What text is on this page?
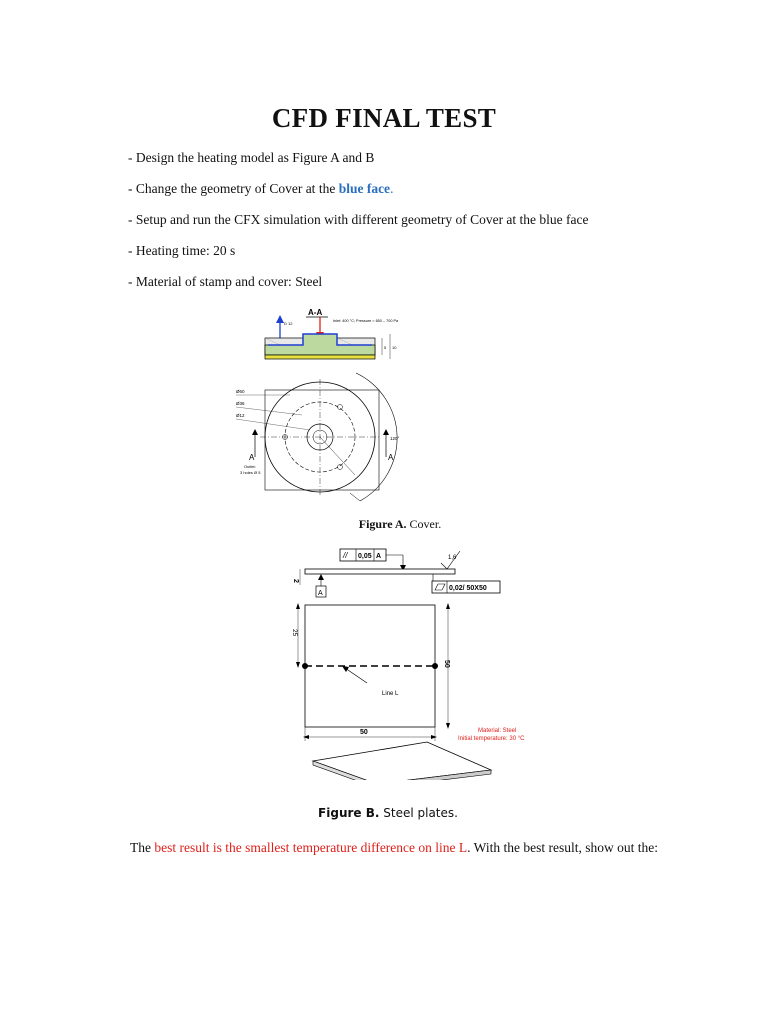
CFD FINAL TEST
- Design the heating model as Figure A and B
- Change the geometry of Cover at the blue face.
- Setup and run the CFX simulation with different geometry of Cover at the blue face
- Heating time: 20 s
- Material of stamp and cover: Steel
A-A
Inlet: 400 °C; Pressure = 650 – 700 Pa
D 12
5 10
120°
Ø60
Ø36
Ø12
A	A
Outlet:
3 holes Ø 5
Figure A. Cover.
// 0,05 A	1,6
0,02/ 50X50
A
2
Line L
25
50
50	Material: Steel
Initial temperature: 30 °C
Figure B. Steel plates.
The best result is the smallest temperature difference on line L. With the best result, show out the:
